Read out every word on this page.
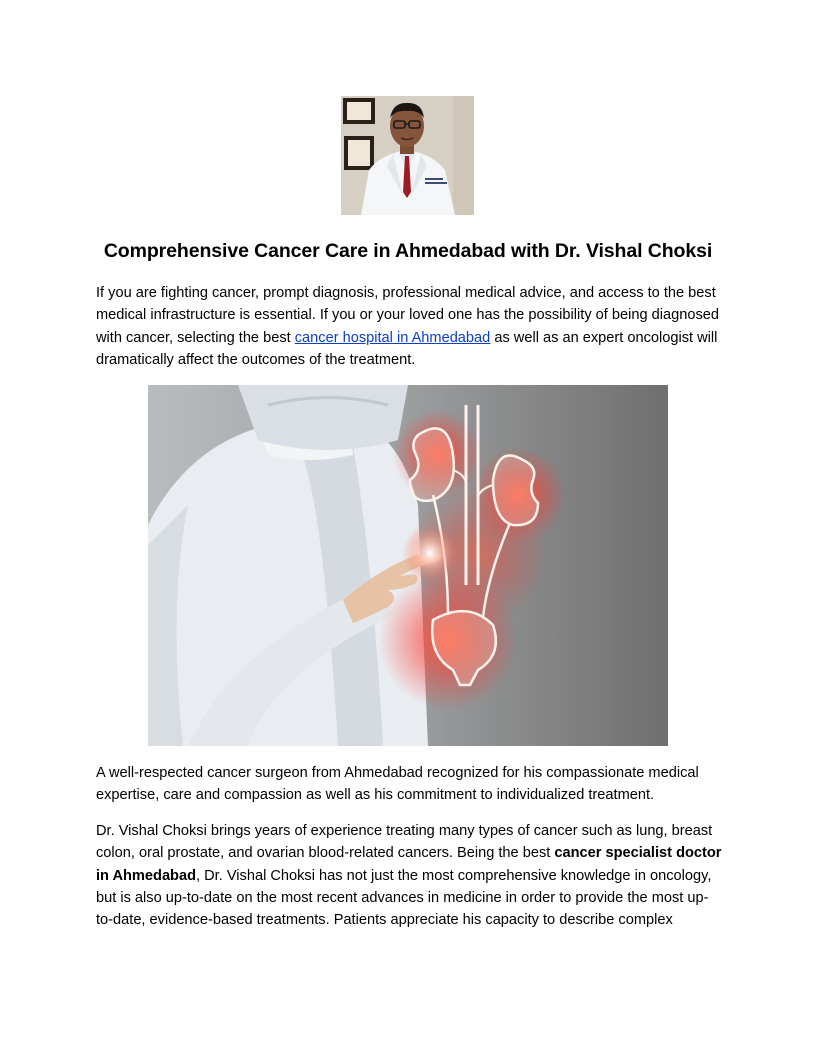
Comprehensive Cancer Care in Ahmedabad with Dr. Vishal Choksi

If you are fighting cancer, prompt diagnosis, professional medical advice, and access to the best medical infrastructure is essential. If you or your loved one has the possibility of being diagnosed with cancer, selecting the best cancer hospital in Ahmedabad as well as an expert oncologist will dramatically affect the outcomes of the treatment.

A well-respected cancer surgeon from Ahmedabad recognized for his compassionate medical expertise, care and compassion as well as his commitment to individualized treatment.

Dr. Vishal Choksi brings years of experience treating many types of cancer such as lung, breast colon, oral prostate, and ovarian blood-related cancers. Being the best cancer specialist doctor in Ahmedabad, Dr. Vishal Choksi has not just the most comprehensive knowledge in oncology, but is also up-to-date on the most recent advances in medicine in order to provide the most up-to-date, evidence-based treatments. Patients appreciate his capacity to describe complex
